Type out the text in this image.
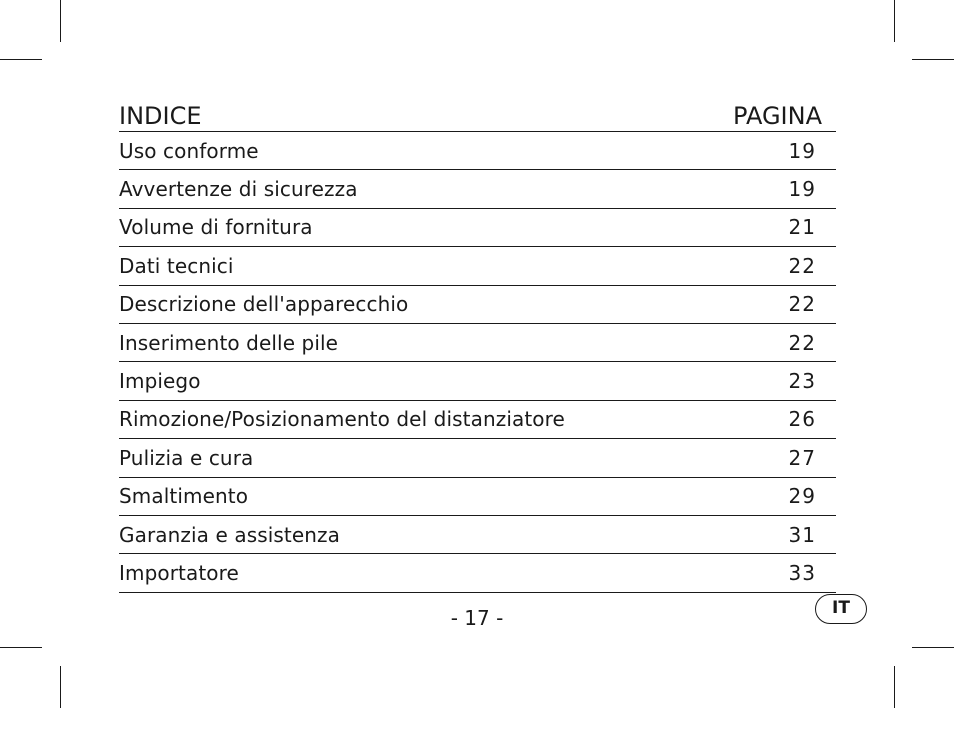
INDICE	PAGINA
Uso conforme	19
Avvertenze di sicurezza	19
Volume di fornitura	21
Dati tecnici	22
Descrizione dell'apparecchio	22
Inserimento delle pile	22
Impiego	23
Rimozione/Posizionamento del distanziatore	26
Pulizia e cura	27
Smaltimento	29
Garanzia e assistenza	31
Importatore	33
- 17 -	IT
